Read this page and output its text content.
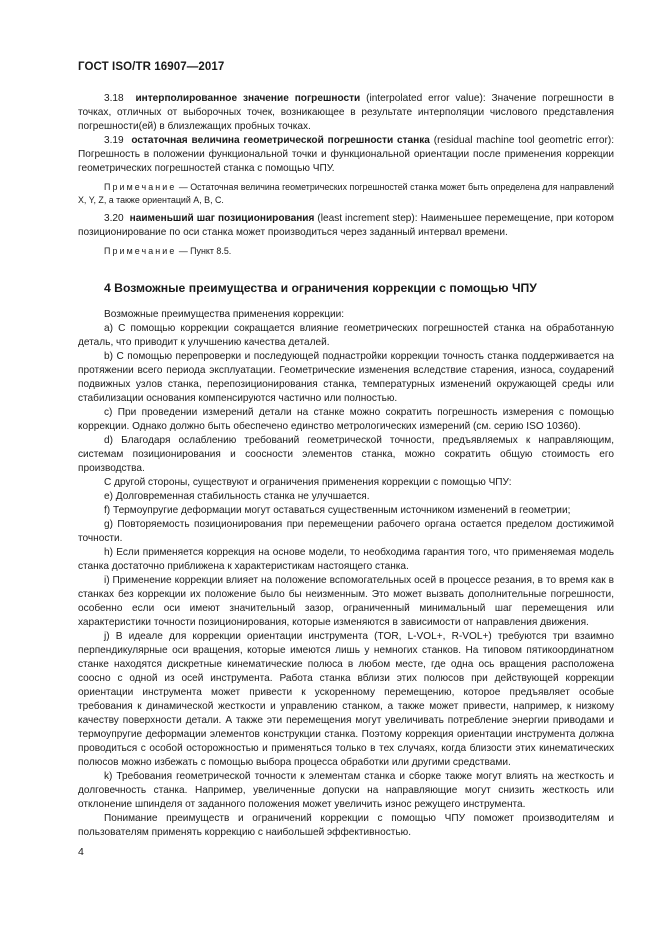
ГОСТ ISO/TR 16907—2017

3.18 интерполированное значение погрешности (interpolated error value): Значение погрешности в точках, отличных от выборочных точек, возникающее в результате интерполяции числового представления погрешности(ей) в близлежащих пробных точках.

3.19 остаточная величина геометрической погрешности станка (residual machine tool geometric error): Погрешность в положении функциональной точки и функциональной ориентации после применения коррекции геометрических погрешностей станка с помощью ЧПУ.

Примечание — Остаточная величина геометрических погрешностей станка может быть определена для направлений X, Y, Z, а также ориентаций A, B, C.

3.20 наименьший шаг позиционирования (least increment step): Наименьшее перемещение, при котором позиционирование по оси станка может производиться через заданный интервал времени.

Примечание — Пункт 8.5.

4 Возможные преимущества и ограничения коррекции с помощью ЧПУ

Возможные преимущества применения коррекции:

а) С помощью коррекции сокращается влияние геометрических погрешностей станка на обработанную деталь, что приводит к улучшению качества деталей.

b) С помощью перепроверки и последующей поднастройки коррекции точность станка поддерживается на протяжении всего периода эксплуатации. Геометрические изменения вследствие старения, износа, соударений подвижных узлов станка, перепозиционирования станка, температурных изменений окружающей среды или стабилизации основания компенсируются частично или полностью.

с) При проведении измерений детали на станке можно сократить погрешность измерения с помощью коррекции. Однако должно быть обеспечено единство метрологических измерений (см. серию ISO 10360).

d) Благодаря ослаблению требований геометрической точности, предъявляемых к направляющим, системам позиционирования и соосности элементов станка, можно сократить общую стоимость его производства.

С другой стороны, существуют и ограничения применения коррекции с помощью ЧПУ:

е) Долговременная стабильность станка не улучшается.

f) Термоупругие деформации могут оставаться существенным источником изменений в геометрии;

g) Повторяемость позиционирования при перемещении рабочего органа остается пределом достижимой точности.

h) Если применяется коррекция на основе модели, то необходима гарантия того, что применяемая модель станка достаточно приближена к характеристикам настоящего станка.

i) Применение коррекции влияет на положение вспомогательных осей в процессе резания, в то время как в станках без коррекции их положение было бы неизменным. Это может вызвать дополнительные погрешности, особенно если оси имеют значительный зазор, ограниченный минимальный шаг перемещения или характеристики точности позиционирования, которые изменяются в зависимости от направления движения.

j) В идеале для коррекции ориентации инструмента (TOR, L-VOL+, R-VOL+) требуются три взаимно перпендикулярные оси вращения, которые имеются лишь у немногих станков. На типовом пятикоординатном станке находятся дискретные кинематические полюса в любом месте, где одна ось вращения расположена соосно с одной из осей инструмента. Работа станка вблизи этих полюсов при действующей коррекции ориентации инструмента может привести к ускоренному перемещению, которое предъявляет особые требования к динамической жесткости и управлению станком, а также может привести, например, к низкому качеству поверхности детали. А также эти перемещения могут увеличивать потребление энергии приводами и термоупругие деформации элементов конструкции станка. Поэтому коррекция ориентации инструмента должна проводиться с особой осторожностью и применяться только в тех случаях, когда близости этих кинематических полюсов можно избежать с помощью выбора процесса обработки или другими средствами.

k) Требования геометрической точности к элементам станка и сборке также могут влиять на жесткость и долговечность станка. Например, увеличенные допуски на направляющие могут снизить жесткость или отклонение шпинделя от заданного положения может увеличить износ режущего инструмента.

Понимание преимуществ и ограничений коррекции с помощью ЧПУ поможет производителям и пользователям применять коррекцию с наибольшей эффективностью.

4
